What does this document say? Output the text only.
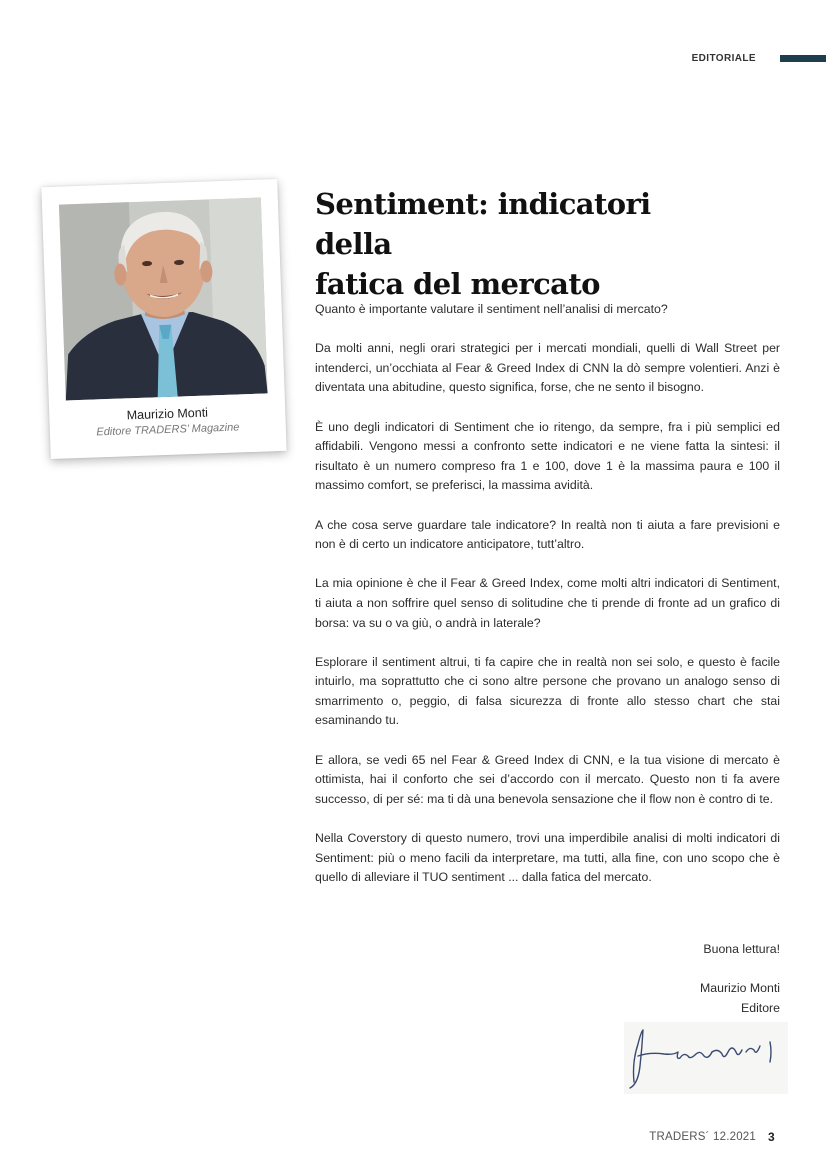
EDITORIALE
Maurizio Monti
Editore TRADERS’ Magazine
Sentiment: indicatori della
fatica del mercato

Quanto è importante valutare il sentiment nell’analisi di mercato?

Da molti anni, negli orari strategici per i mercati mondiali, quelli di Wall Street per intenderci, un’occhiata al Fear & Greed Index di CNN la dò sempre volentieri. Anzi è diventata una abitudine, questo significa, forse, che ne sento il bisogno.

È uno degli indicatori di Sentiment che io ritengo, da sempre, fra i più semplici ed affidabili. Vengono messi a confronto sette indicatori e ne viene fatta la sintesi: il risultato è un numero compreso fra 1 e 100, dove 1 è la massima paura e 100 il massimo comfort, se preferisci, la massima avidità.

A che cosa serve guardare tale indicatore? In realtà non ti aiuta a fare previsioni e non è di certo un indicatore anticipatore, tutt’altro.

La mia opinione è che il Fear & Greed Index, come molti altri indicatori di Sentiment, ti aiuta a non soffrire quel senso di solitudine che ti prende di fronte ad un grafico di borsa: va su o va giù, o andrà in laterale?

Esplorare il sentiment altrui, ti fa capire che in realtà non sei solo, e questo è facile intuirlo, ma soprattutto che ci sono altre persone che provano un analogo senso di smarrimento o, peggio, di falsa sicurezza di fronte allo stesso chart che stai esaminando tu.

E allora, se vedi 65 nel Fear & Greed Index di CNN, e la tua visione di mercato è ottimista, hai il conforto che sei d’accordo con il mercato. Questo non ti fa avere successo, di per sé: ma ti dà una benevola sensazione che il flow non è contro di te.

Nella Coverstory di questo numero, trovi una imperdibile analisi di molti indicatori di Sentiment: più o meno facili da interpretare, ma tutti, alla fine, con uno scopo che è quello di alleviare il TUO sentiment ... dalla fatica del mercato.

Buona lettura!
Maurizio Monti
Editore
TRADERS´ 12.2021 3
